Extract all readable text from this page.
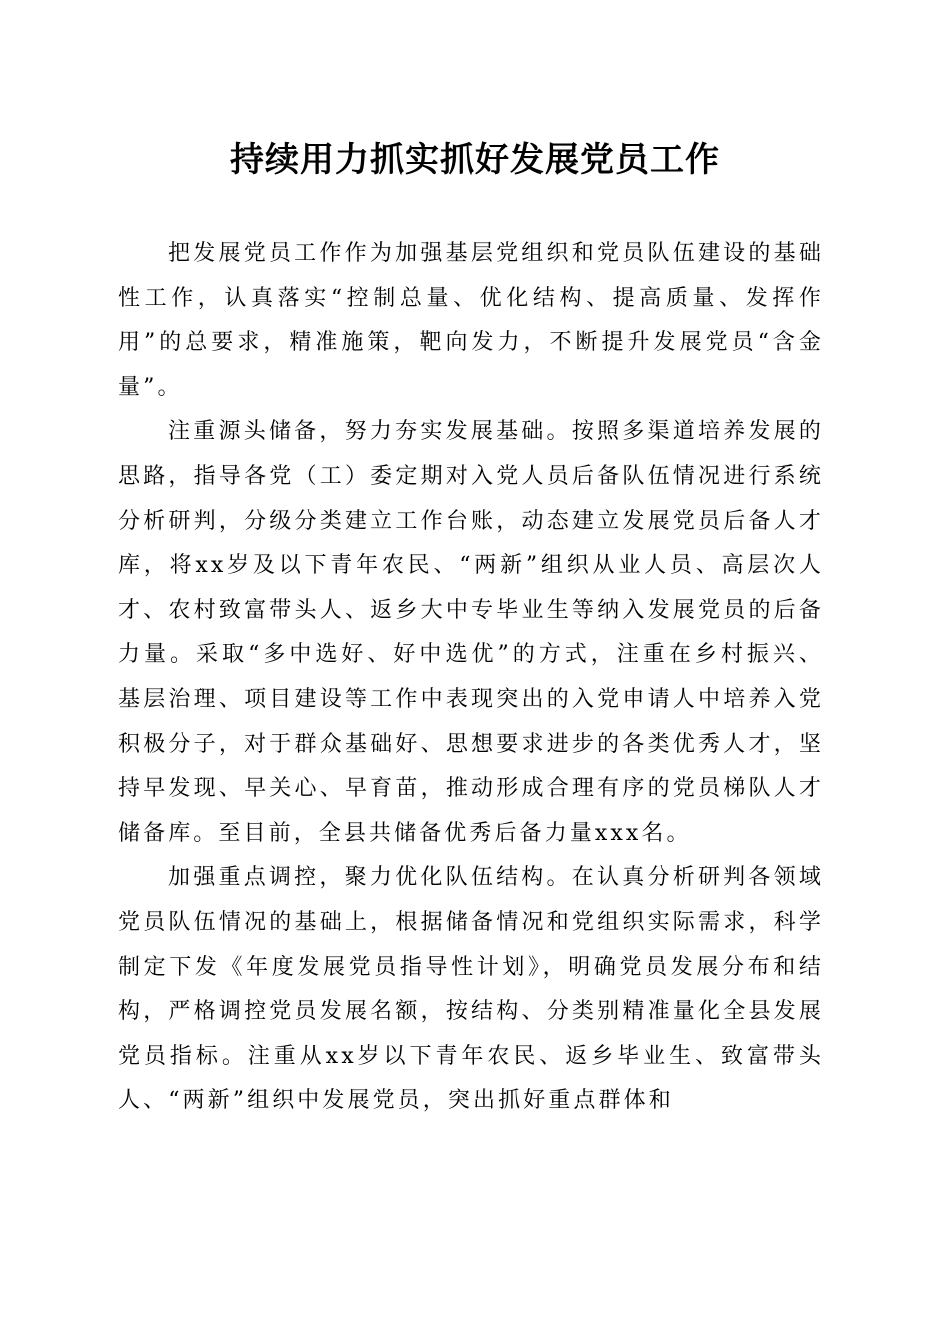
持续用力抓实抓好发展党员工作

把发展党员工作作为加强基层党组织和党员队伍建设的基础性工作，认真落实“控制总量、优化结构、提高质量、发挥作用”的总要求，精准施策，靶向发力，不断提升发展党员“含金量”。

注重源头储备，努力夯实发展基础。按照多渠道培养发展的思路，指导各党（工）委定期对入党人员后备队伍情况进行系统分析研判，分级分类建立工作台账，动态建立发展党员后备人才库，将xx岁及以下青年农民、“两新”组织从业人员、高层次人才、农村致富带头人、返乡大中专毕业生等纳入发展党员的后备力量。采取“多中选好、好中选优”的方式，注重在乡村振兴、基层治理、项目建设等工作中表现突出的入党申请人中培养入党积极分子，对于群众基础好、思想要求进步的各类优秀人才，坚持早发现、早关心、早育苗，推动形成合理有序的党员梯队人才储备库。至目前，全县共储备优秀后备力量xxx名。

加强重点调控，聚力优化队伍结构。在认真分析研判各领域党员队伍情况的基础上，根据储备情况和党组织实际需求，科学制定下发《年度发展党员指导性计划》，明确党员发展分布和结构，严格调控党员发展名额，按结构、分类别精准量化全县发展党员指标。注重从xx岁以下青年农民、返乡毕业生、致富带头人、“两新”组织中发展党员，突出抓好重点群体和
